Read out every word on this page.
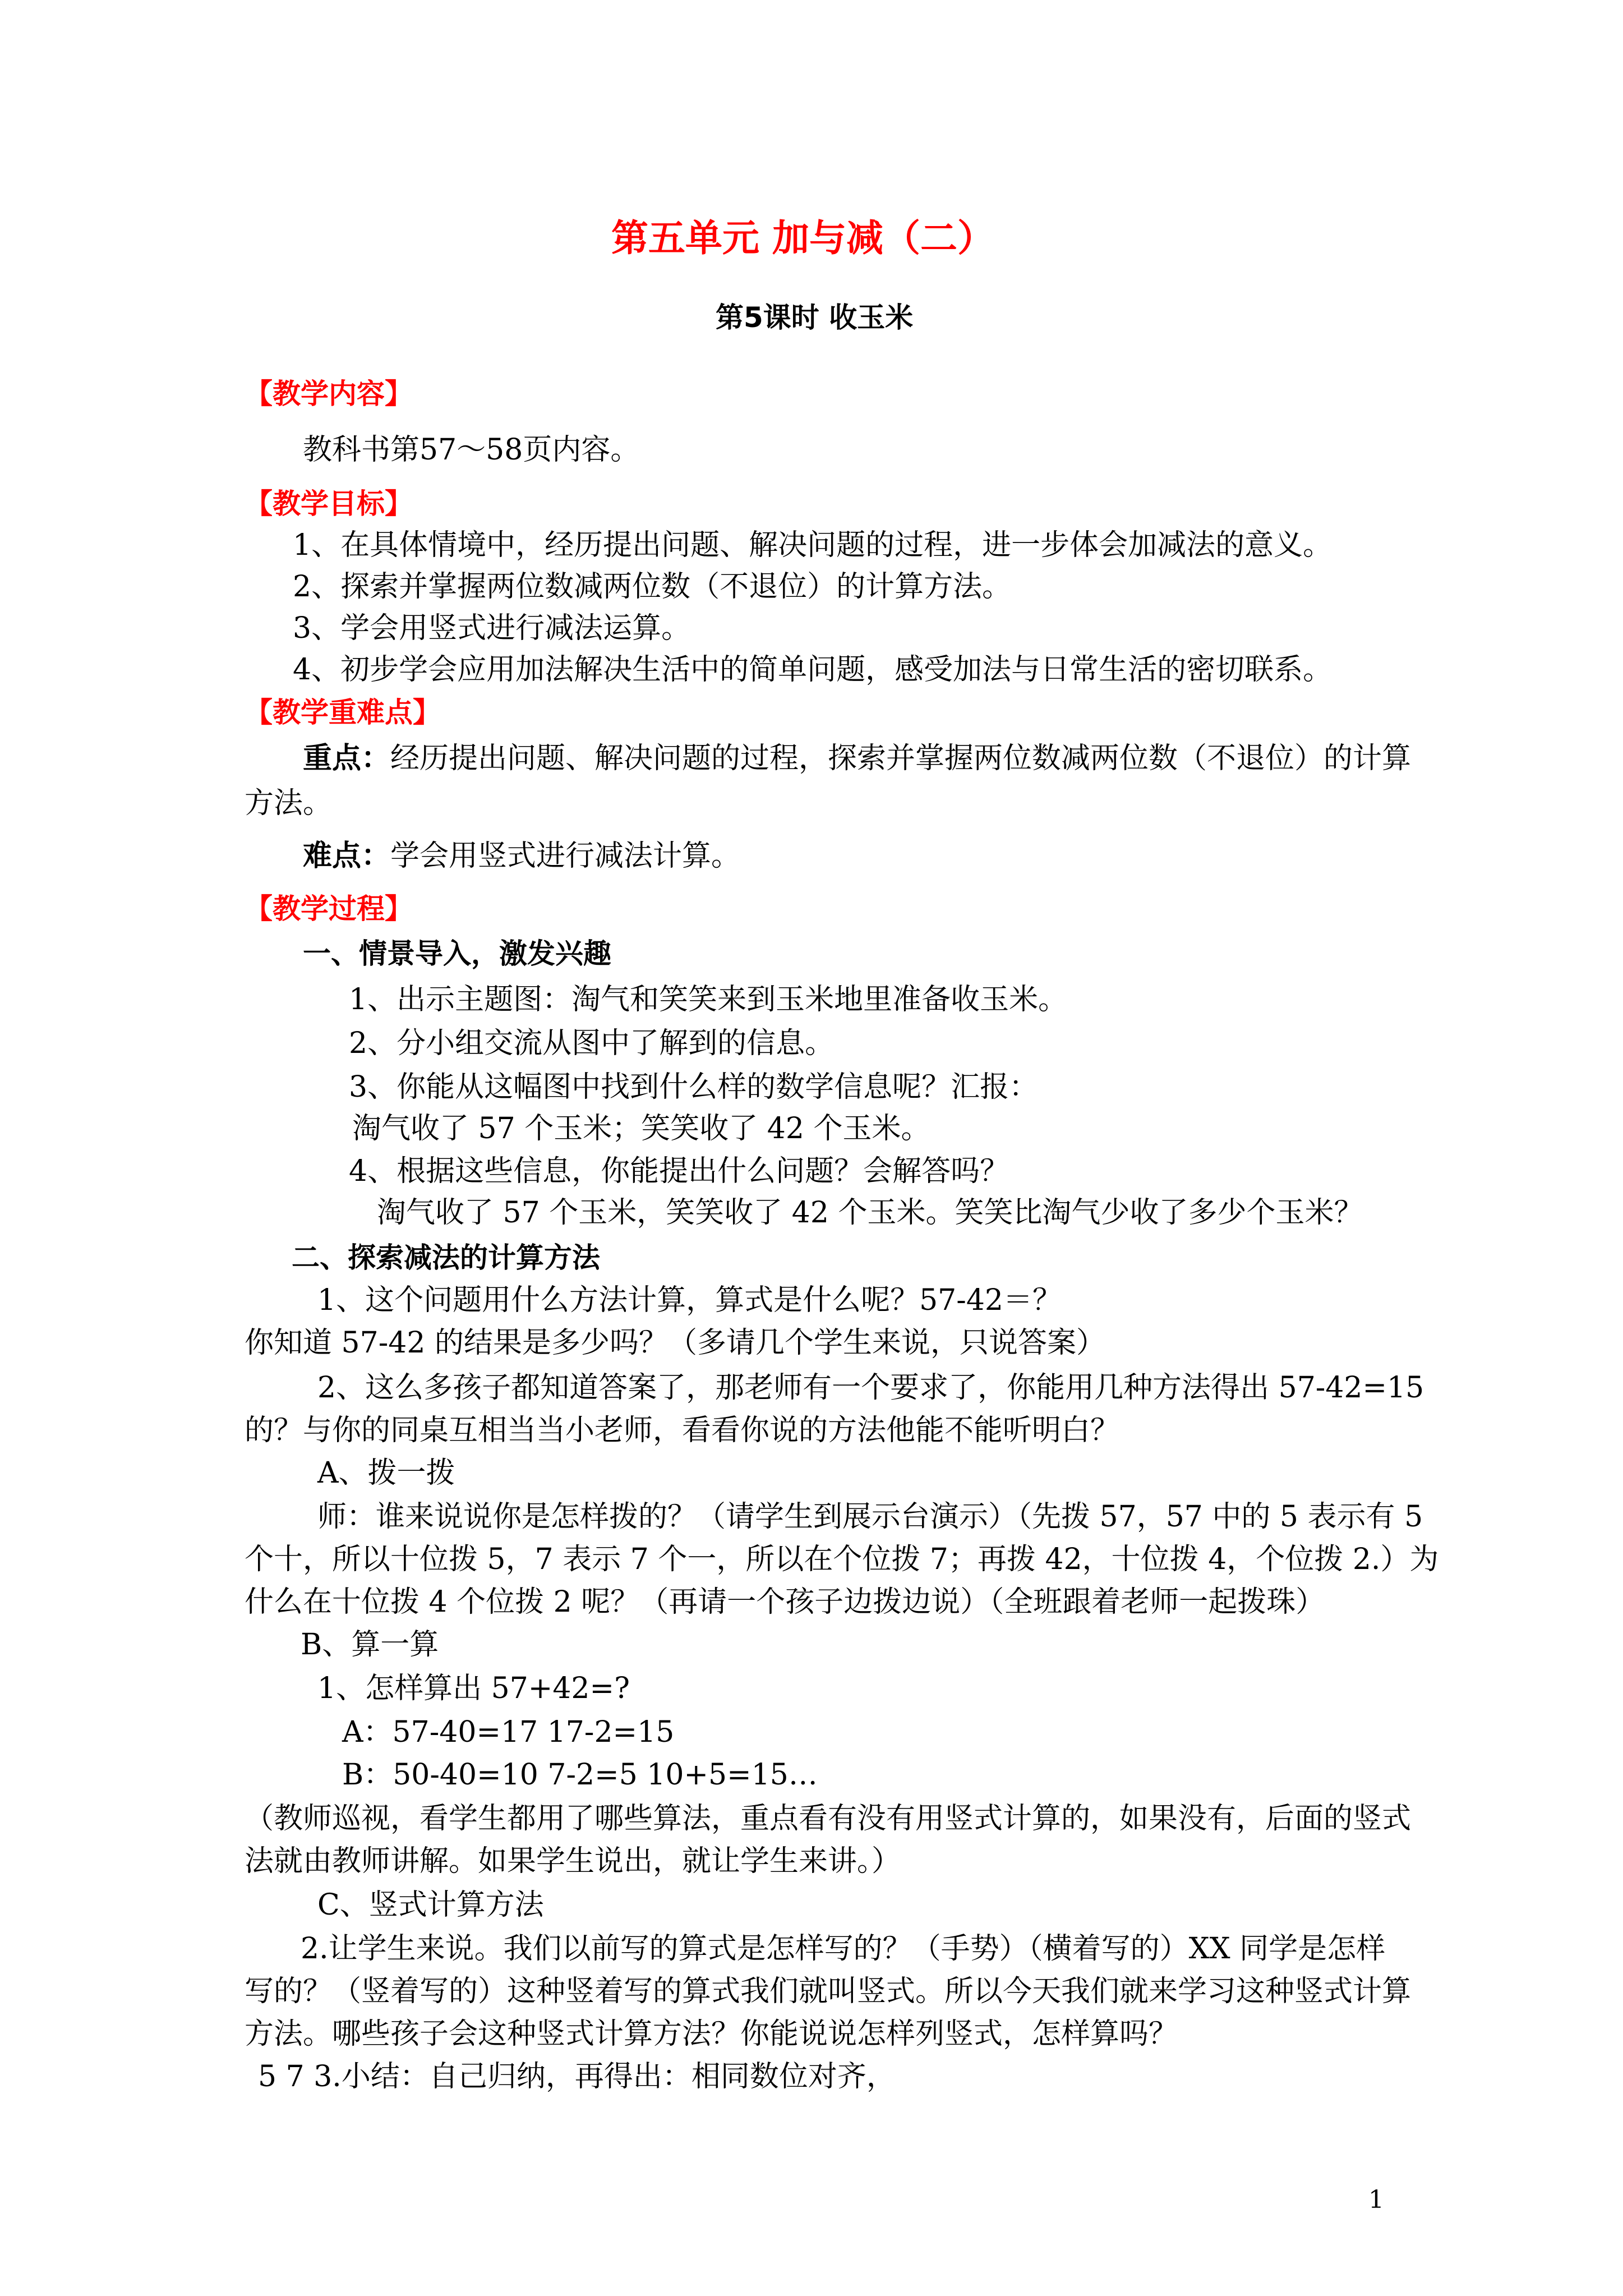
第五单元 加与减（二）
第5课时 收玉米
【教学内容】
教科书第57～58页内容。
【教学目标】
1、在具体情境中，经历提出问题、解决问题的过程，进一步体会加减法的意义。
2、探索并掌握两位数减两位数（不退位）的计算方法。
3、学会用竖式进行减法运算。
4、初步学会应用加法解决生活中的简单问题，感受加法与日常生活的密切联系。
【教学重难点】
重点：经历提出问题、解决问题的过程，探索并掌握两位数减两位数（不退位）的计算
方法。
难点：学会用竖式进行减法计算。
【教学过程】
一、情景导入，激发兴趣
1、出示主题图：淘气和笑笑来到玉米地里准备收玉米。
2、分小组交流从图中了解到的信息。
3、你能从这幅图中找到什么样的数学信息呢？汇报：
淘气收了 57 个玉米；笑笑收了 42 个玉米。
4、根据这些信息，你能提出什么问题？会解答吗？
淘气收了 57 个玉米，笑笑收了 42 个玉米。笑笑比淘气少收了多少个玉米？
二、探索减法的计算方法
1、这个问题用什么方法计算，算式是什么呢？57-42＝？
你知道 57-42 的结果是多少吗？（多请几个学生来说，只说答案）
2、这么多孩子都知道答案了，那老师有一个要求了，你能用几种方法得出 57-42=15
的？与你的同桌互相当当小老师，看看你说的方法他能不能听明白？
A、拨一拨
师：谁来说说你是怎样拨的？（请学生到展示台演示）（先拨 57，57 中的 5 表示有 5
个十，所以十位拨 5，7 表示 7 个一，所以在个位拨 7；再拨 42，十位拨 4，个位拨 2.）为
什么在十位拨 4 个位拨 2 呢？（再请一个孩子边拨边说）（全班跟着老师一起拨珠）
B、算一算
1、怎样算出 57+42=?
A：57-40=17 17-2=15
B：50-40=10 7-2=5 10+5=15…
（教师巡视，看学生都用了哪些算法，重点看有没有用竖式计算的，如果没有，后面的竖式
法就由教师讲解。如果学生说出，就让学生来讲。）
C、竖式计算方法
2.让学生来说。我们以前写的算式是怎样写的？（手势）（横着写的）XX 同学是怎样
写的？（竖着写的）这种竖着写的算式我们就叫竖式。所以今天我们就来学习这种竖式计算
方法。哪些孩子会这种竖式计算方法？你能说说怎样列竖式，怎样算吗？
5 7 3.小结：自己归纳，再得出：相同数位对齐，
1
